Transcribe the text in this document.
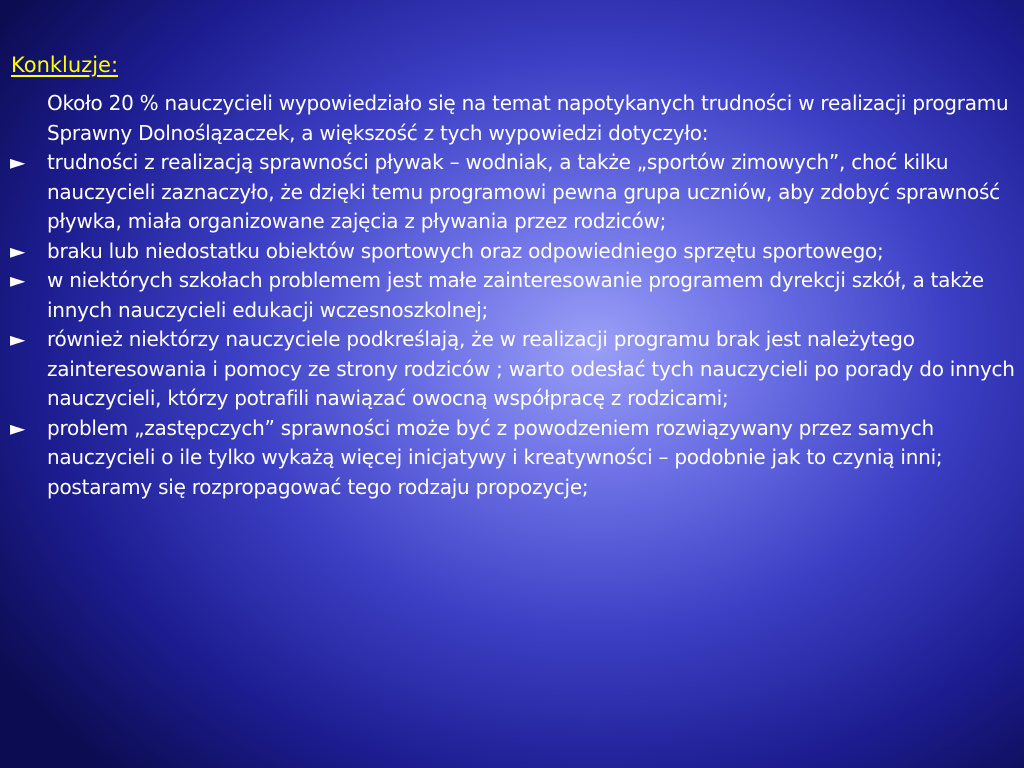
Konkluzje:

Około 20 % nauczycieli wypowiedziało się na temat napotykanych trudności w realizacji programu Sprawny Dolnoślązaczek, a większość z tych wypowiedzi dotyczyło:

► trudności z realizacją sprawności pływak – wodniak, a także „sportów zimowych”, choć kilku nauczycieli zaznaczyło, że dzięki temu programowi pewna grupa uczniów, aby zdobyć sprawność pływka, miała organizowane zajęcia z pływania przez rodziców;

► braku lub niedostatku obiektów sportowych oraz odpowiedniego sprzętu sportowego;

► w niektórych szkołach problemem jest małe zainteresowanie programem dyrekcji szkół, a także innych nauczycieli edukacji wczesnoszkolnej;

► również niektórzy nauczyciele podkreślają, że w realizacji programu brak jest należytego zainteresowania i pomocy ze strony rodziców ; warto odesłać tych nauczycieli po porady do innych nauczycieli, którzy potrafili nawiązać owocną współpracę z rodzicami;

► problem „zastępczych” sprawności może być z powodzeniem rozwiązywany przez samych nauczycieli o ile tylko wykażą więcej inicjatywy i kreatywności – podobnie jak to czynią inni; postaramy się rozpropagować tego rodzaju propozycje;
